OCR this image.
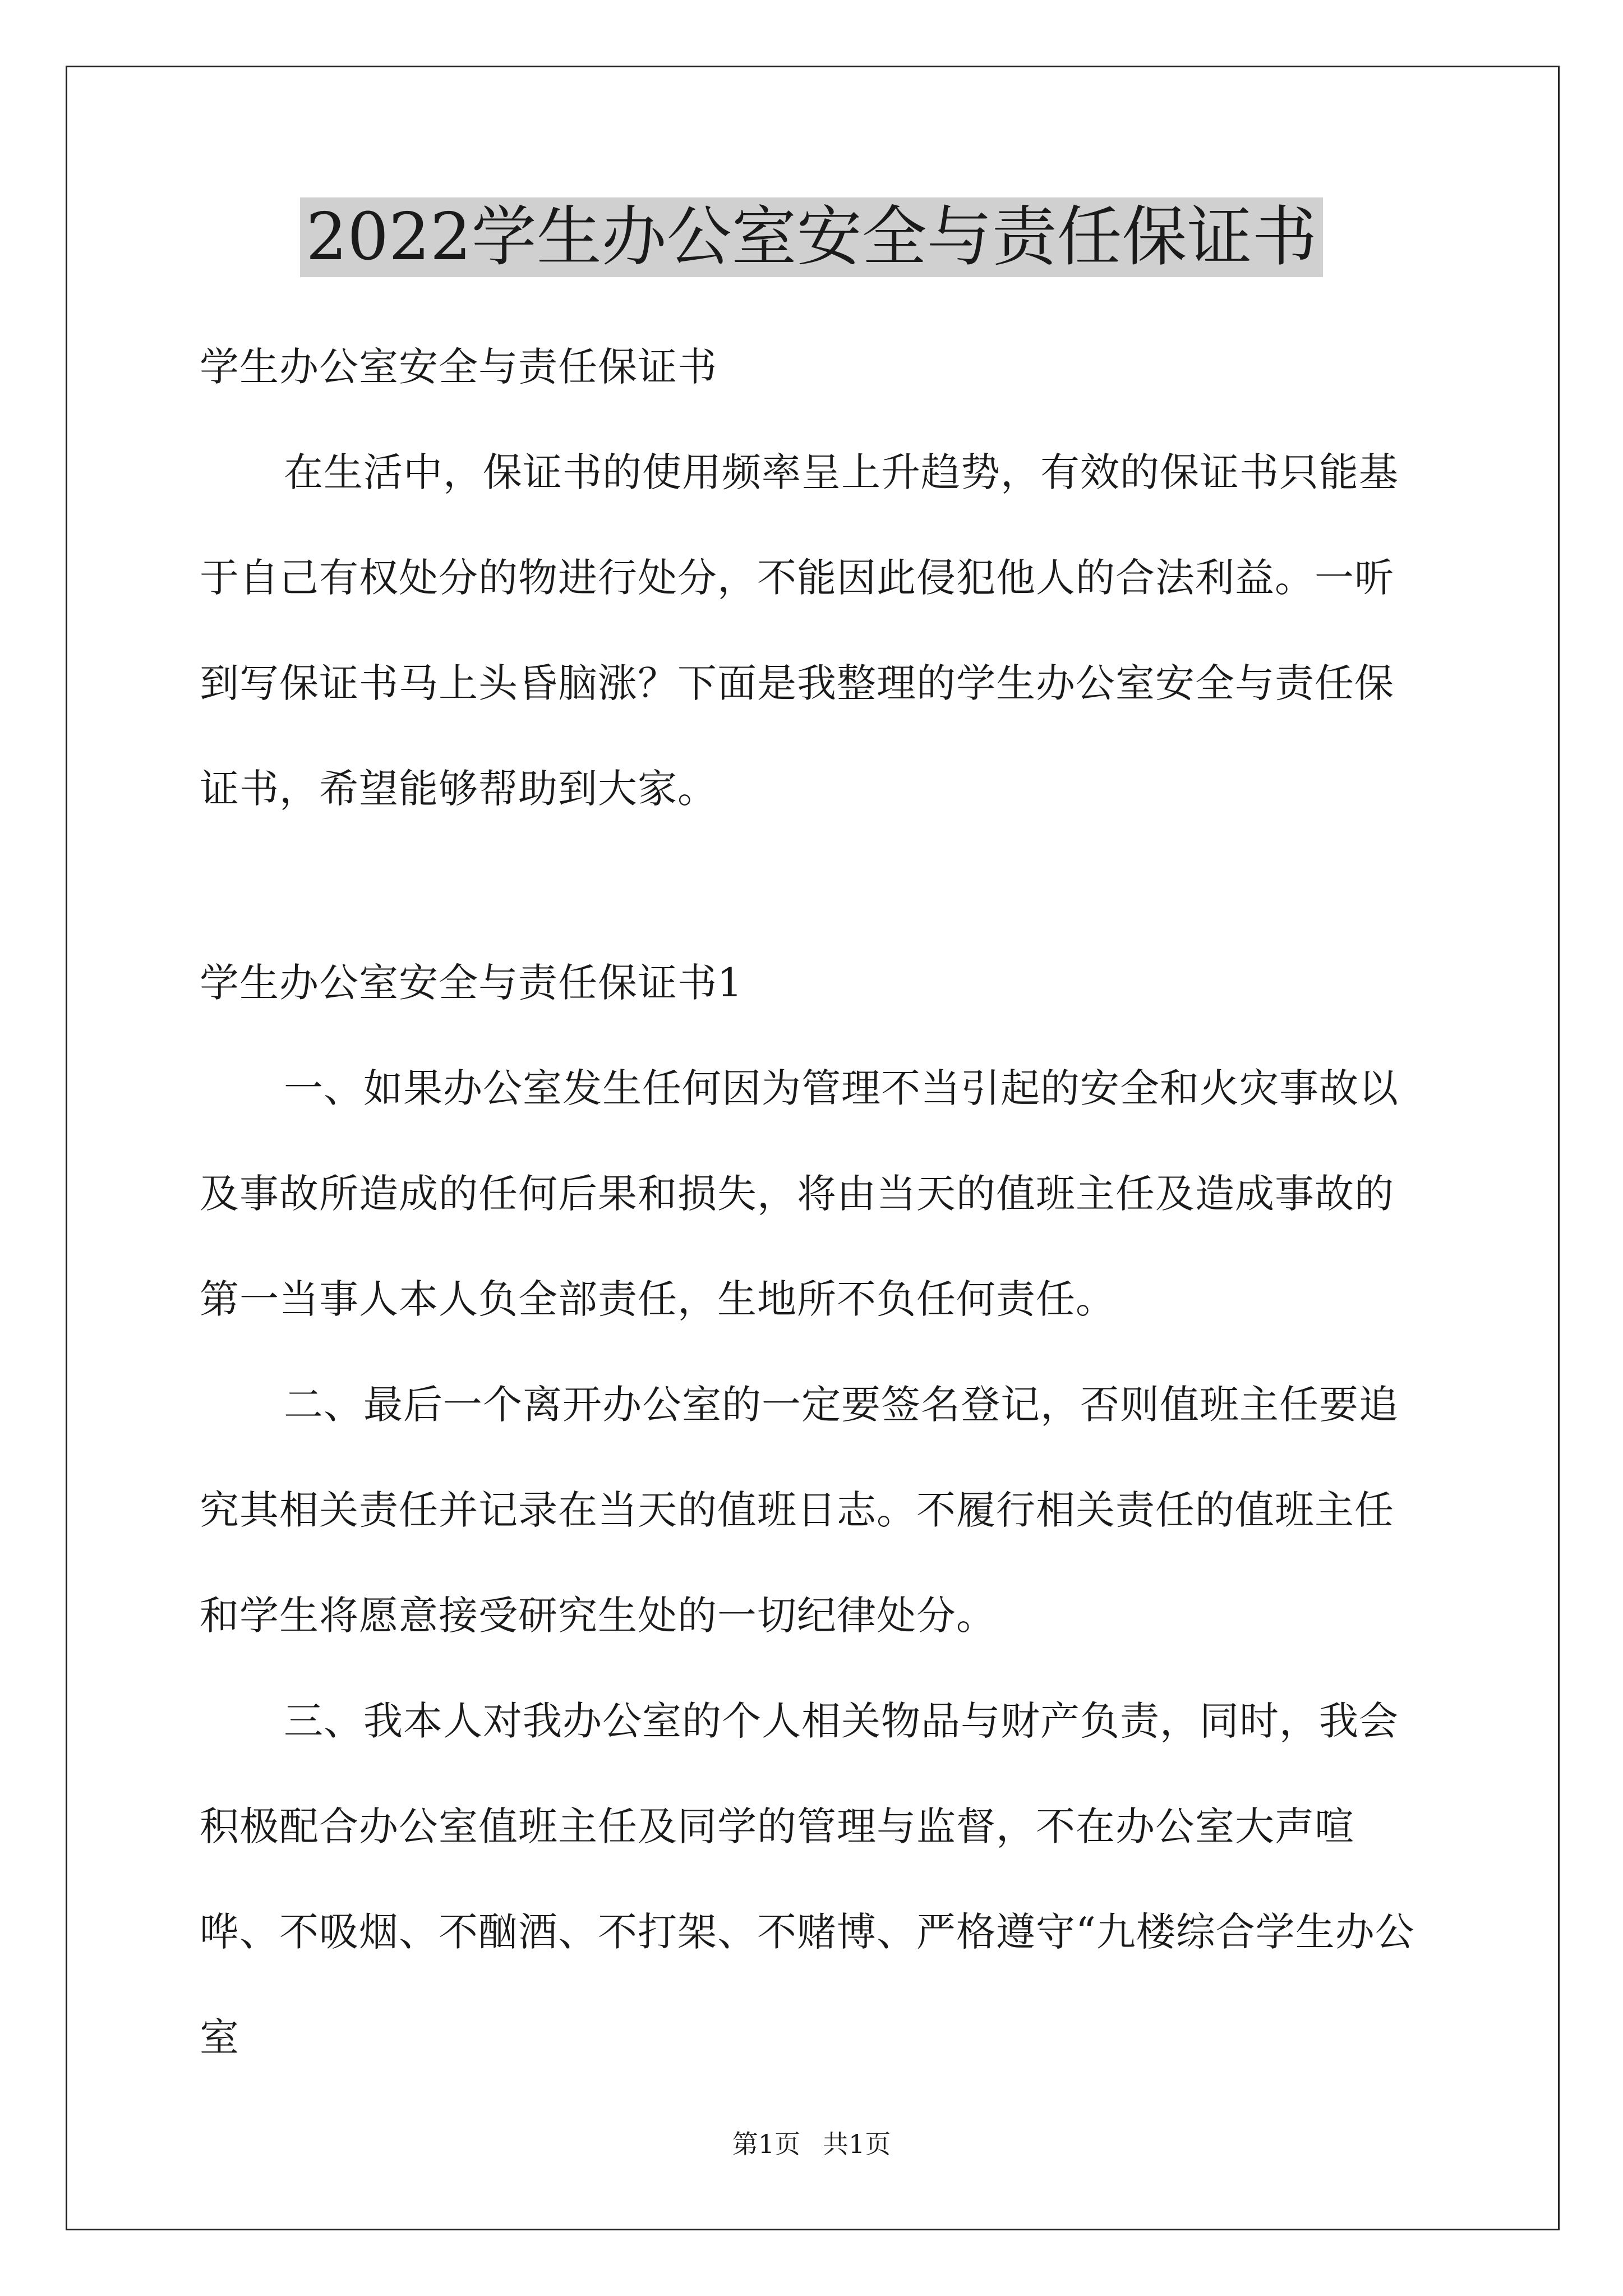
2022学生办公室安全与责任保证书

学生办公室安全与责任保证书

在生活中，保证书的使用频率呈上升趋势，有效的保证书只能基于自己有权处分的物进行处分，不能因此侵犯他人的合法利益。一听到写保证书马上头昏脑涨？下面是我整理的学生办公室安全与责任保证书，希望能够帮助到大家。

学生办公室安全与责任保证书1

一、如果办公室发生任何因为管理不当引起的安全和火灾事故以及事故所造成的任何后果和损失，将由当天的值班主任及造成事故的第一当事人本人负全部责任，生地所不负任何责任。

二、最后一个离开办公室的一定要签名登记，否则值班主任要追究其相关责任并记录在当天的值班日志。不履行相关责任的值班主任和学生将愿意接受研究生处的一切纪律处分。

三、我本人对我办公室的个人相关物品与财产负责，同时，我会积极配合办公室值班主任及同学的管理与监督，不在办公室大声喧哗、不吸烟、不酗酒、不打架、不赌博、严格遵守“九楼综合学生办公室

第1页 共1页
